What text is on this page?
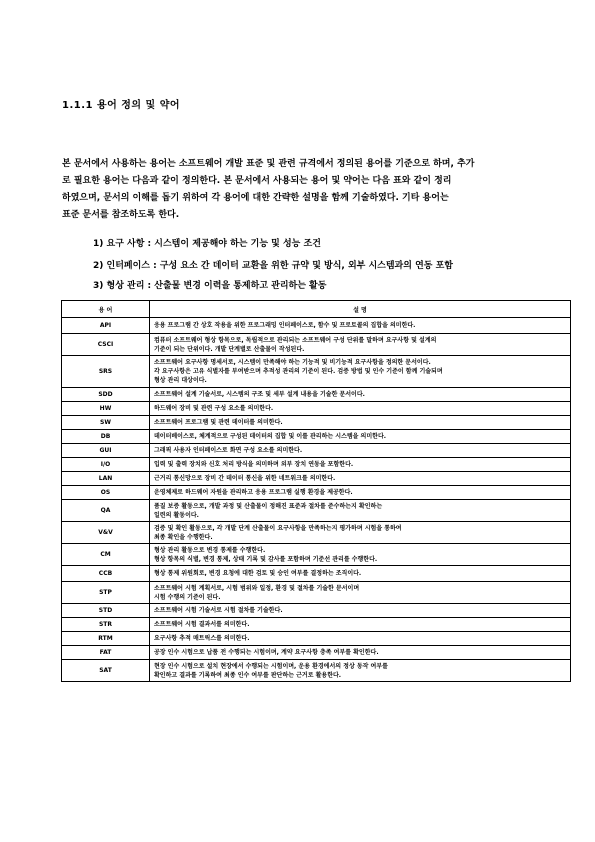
1.1.1 용어 정의 및 약어

본 문서에서 사용하는 용어는 소프트웨어 개발 표준 및 관련 규격에서 정의된 용어를 기준으로 하며, 추가

로 필요한 용어는 다음과 같이 정의한다. 본 문서에서 사용되는 용어 및 약어는 다음 표와 같이 정리

하였으며, 문서의 이해를 돕기 위하여 각 용어에 대한 간략한 설명을 함께 기술하였다. 기타 용어는

표준 문서를 참조하도록 한다.

1) 요구 사항 : 시스템이 제공해야 하는 기능 및 성능 조건
2) 인터페이스 : 구성 요소 간 데이터 교환을 위한 규약 및 방식, 외부 시스템과의 연동 포함
3) 형상 관리 : 산출물 변경 이력을 통제하고 관리하는 활동
용 어	설 명
API	응용 프로그램 간 상호 작용을 위한 프로그래밍 인터페이스로, 함수 및 프로토콜의 집합을 의미한다.

CSCI	컴퓨터 소프트웨어 형상 항목으로, 독립적으로 관리되는 소프트웨어 구성 단위를 말하며 요구사항 및 설계의
기준이 되는 단위이다. 개발 단계별로 산출물이 작성된다.

SRS	소프트웨어 요구사항 명세서로, 시스템이 만족해야 하는 기능적 및 비기능적 요구사항을 정의한 문서이다.
각 요구사항은 고유 식별자를 부여받으며 추적성 관리의 기준이 된다. 검증 방법 및 인수 기준이 함께 기술되며
형상 관리 대상이다.

SDD	소프트웨어 설계 기술서로, 시스템의 구조 및 세부 설계 내용을 기술한 문서이다.

HW	하드웨어 장비 및 관련 구성 요소를 의미한다.

SW	소프트웨어 프로그램 및 관련 데이터를 의미한다.

DB	데이터베이스로, 체계적으로 구성된 데이터의 집합 및 이를 관리하는 시스템을 의미한다.

GUI	그래픽 사용자 인터페이스로 화면 구성 요소를 의미한다.

I/O	입력 및 출력 장치와 신호 처리 방식을 의미하며 외부 장치 연동을 포함한다.

LAN	근거리 통신망으로 장비 간 데이터 통신을 위한 네트워크를 의미한다.

OS	운영체제로 하드웨어 자원을 관리하고 응용 프로그램 실행 환경을 제공한다.

QA	품질 보증 활동으로, 개발 과정 및 산출물이 정해진 표준과 절차를 준수하는지 확인하는
일련의 활동이다.

V&V	검증 및 확인 활동으로, 각 개발 단계 산출물이 요구사항을 만족하는지 평가하며 시험을 통하여
최종 확인을 수행한다.

CM	형상 관리 활동으로 변경 통제를 수행한다.
형상 항목의 식별, 변경 통제, 상태 기록 및 감사를 포함하며 기준선 관리를 수행한다.

CCB	형상 통제 위원회로, 변경 요청에 대한 검토 및 승인 여부를 결정하는 조직이다.

STP	소프트웨어 시험 계획서로, 시험 범위와 일정, 환경 및 절차를 기술한 문서이며
시험 수행의 기준이 된다.

STD	소프트웨어 시험 기술서로 시험 절차를 기술한다.

STR	소프트웨어 시험 결과서를 의미한다.

RTM	요구사항 추적 매트릭스를 의미한다.

FAT	공장 인수 시험으로 납품 전 수행되는 시험이며, 계약 요구사항 충족 여부를 확인한다.

SAT	현장 인수 시험으로 설치 현장에서 수행되는 시험이며, 운용 환경에서의 정상 동작 여부를
확인하고 결과를 기록하여 최종 인수 여부를 판단하는 근거로 활용한다.
